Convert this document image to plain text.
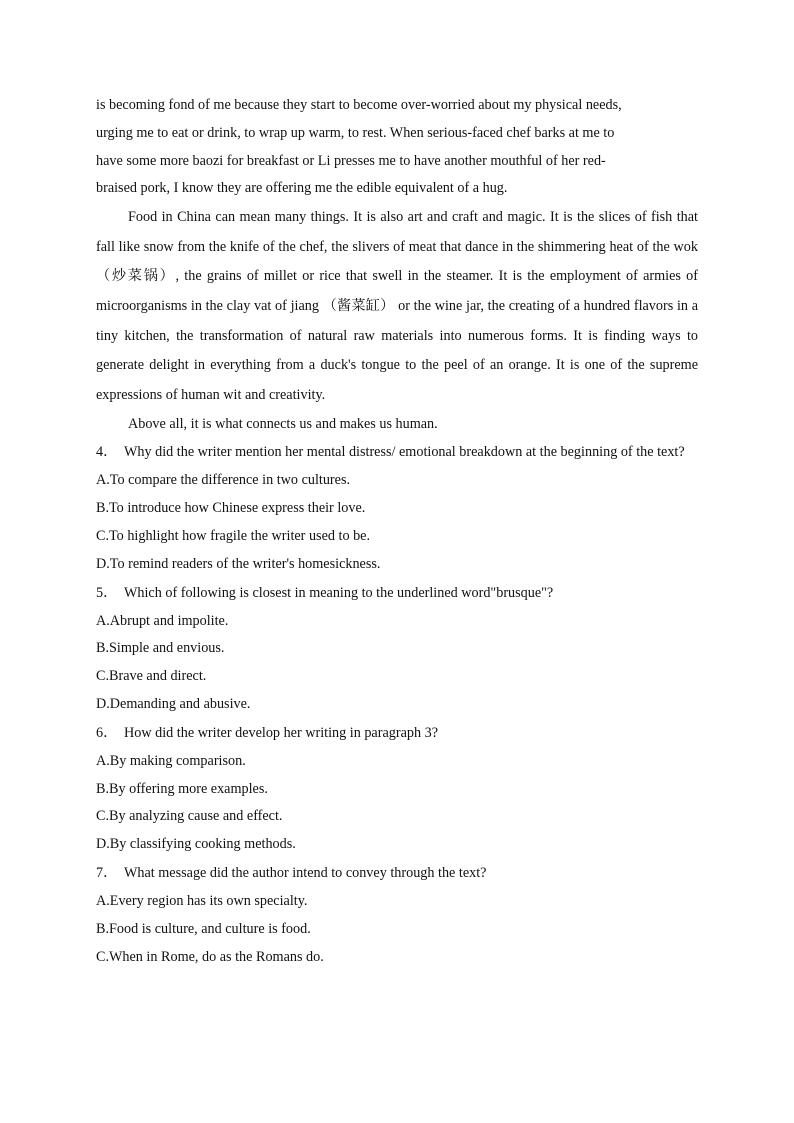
is becoming fond of me because they start to become over-worried about my physical needs,
urging me to eat or drink, to wrap up warm, to rest. When serious-faced chef barks at me to
have some more baozi for breakfast or Li presses me to have another mouthful of her red-
braised pork, I know they are offering me the edible equivalent of a hug.

Food in China can mean many things. It is also art and craft and magic. It is the slices of fish that fall like snow from the knife of the chef, the slivers of meat that dance in the shimmering heat of the wok（炒菜锅）, the grains of millet or rice that swell in the steamer. It is the employment of armies of microorganisms in the clay vat of jiang （酱菜缸） or the wine jar, the creating of a hundred flavors in a tiny kitchen, the transformation of natural raw materials into numerous forms. It is finding ways to generate delight in everything from a duck's tongue to the peel of an orange. It is one of the supreme expressions of human wit and creativity.

Above all, it is what connects us and makes us human.

4． Why did the writer mention her mental distress/ emotional breakdown at the beginning of the text?

A.To compare the difference in two cultures.

B.To introduce how Chinese express their love.

C.To highlight how fragile the writer used to be.

D.To remind readers of the writer's homesickness.

5． Which of following is closest in meaning to the underlined word"brusque"?

A.Abrupt and impolite.

B.Simple and envious.

C.Brave and direct.

D.Demanding and abusive.

6． How did the writer develop her writing in paragraph 3?

A.By making comparison.

B.By offering more examples.

C.By analyzing cause and effect.

D.By classifying cooking methods.

7． What message did the author intend to convey through the text?

A.Every region has its own specialty.

B.Food is culture, and culture is food.

C.When in Rome, do as the Romans do.
